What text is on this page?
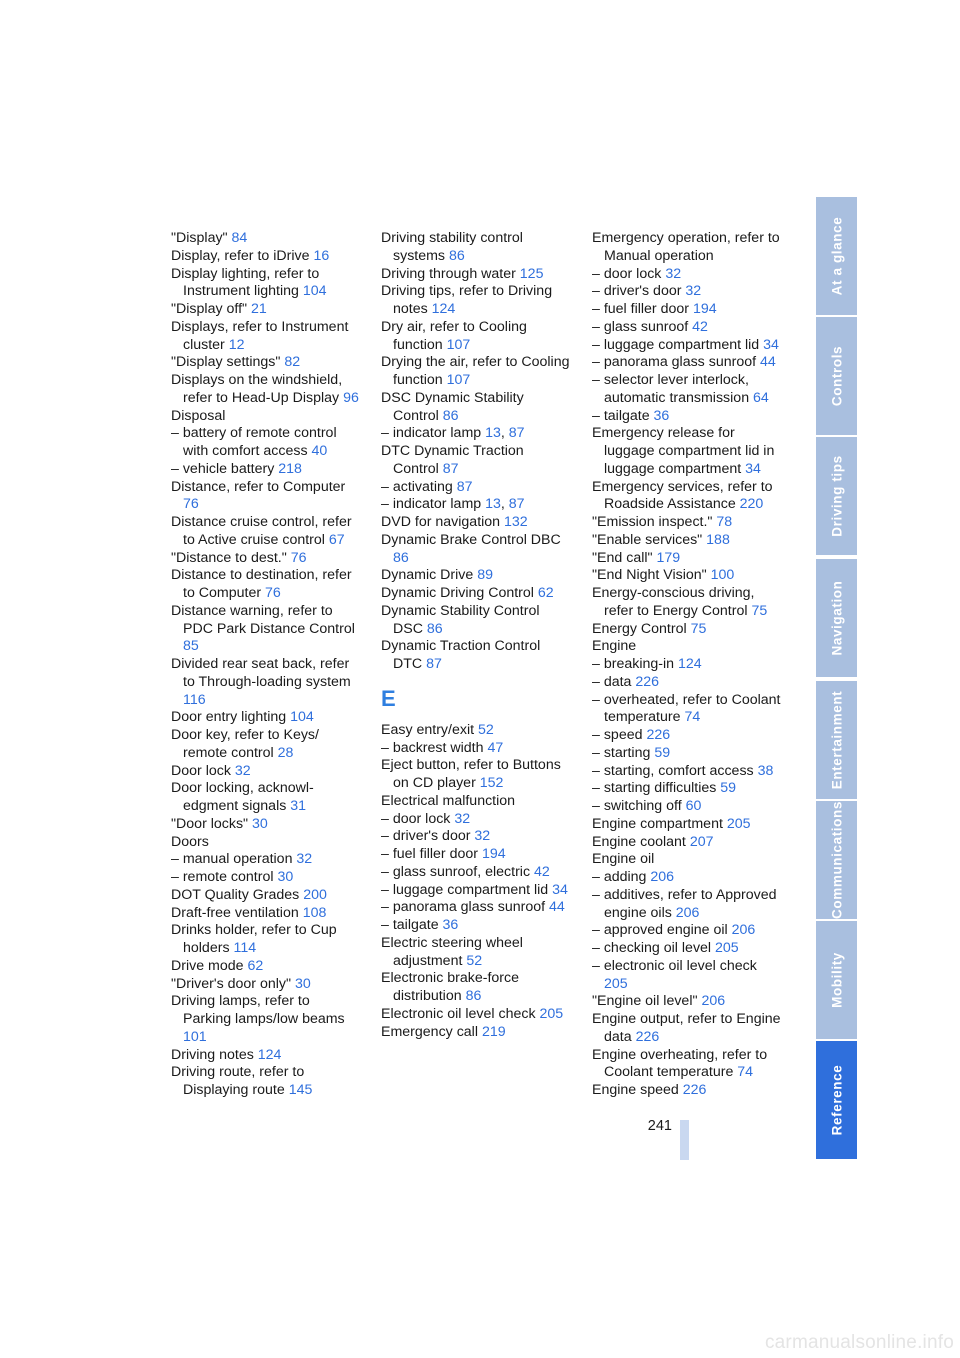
"Display" 84
Display, refer to iDrive 16
Display lighting, refer to Instrument lighting 104
"Display off" 21
Displays, refer to Instrument cluster 12
"Display settings" 82
Displays on the windshield, refer to Head-Up Display 96
Disposal
– battery of remote control with comfort access 40
– vehicle battery 218
Distance, refer to Computer 76
Distance cruise control, refer to Active cruise control 67
"Distance to dest." 76
Distance to destination, refer to Computer 76
Distance warning, refer to PDC Park Distance Control 85
Divided rear seat back, refer to Through-loading system 116
Door entry lighting 104
Door key, refer to Keys/ remote control 28
Door lock 32
Door locking, acknowl- edgment signals 31
"Door locks" 30
Doors
– manual operation 32
– remote control 30
DOT Quality Grades 200
Draft-free ventilation 108
Drinks holder, refer to Cup holders 114
Drive mode 62
"Driver's door only" 30
Driving lamps, refer to Parking lamps/low beams 101
Driving notes 124
Driving route, refer to Displaying route 145
Driving stability control systems 86
Driving through water 125
Driving tips, refer to Driving notes 124
Dry air, refer to Cooling function 107
Drying the air, refer to Cooling function 107
DSC Dynamic Stability Control 86
– indicator lamp 13, 87
DTC Dynamic Traction Control 87
– activating 87
– indicator lamp 13, 87
DVD for navigation 132
Dynamic Brake Control DBC 86
Dynamic Drive 89
Dynamic Driving Control 62
Dynamic Stability Control DSC 86
Dynamic Traction Control DTC 87
E
Easy entry/exit 52
– backrest width 47
Eject button, refer to Buttons on CD player 152
Electrical malfunction
– door lock 32
– driver's door 32
– fuel filler door 194
– glass sunroof, electric 42
– luggage compartment lid 34
– panorama glass sunroof 44
– tailgate 36
Electric steering wheel adjustment 52
Electronic brake-force distribution 86
Electronic oil level check 205
Emergency call 219
Emergency operation, refer to Manual operation
– door lock 32
– driver's door 32
– fuel filler door 194
– glass sunroof 42
– luggage compartment lid 34
– panorama glass sunroof 44
– selector lever interlock, automatic transmission 64
– tailgate 36
Emergency release for luggage compartment lid in luggage compartment 34
Emergency services, refer to Roadside Assistance 220
"Emission inspect." 78
"Enable services" 188
"End call" 179
"End Night Vision" 100
Energy-conscious driving, refer to Energy Control 75
Energy Control 75
Engine
– breaking-in 124
– data 226
– overheated, refer to Coolant temperature 74
– speed 226
– starting 59
– starting, comfort access 38
– starting difficulties 59
– switching off 60
Engine compartment 205
Engine coolant 207
Engine oil
– adding 206
– additives, refer to Approved engine oils 206
– approved engine oil 206
– checking oil level 205
– electronic oil level check 205
"Engine oil level" 206
Engine output, refer to Engine data 226
Engine overheating, refer to Coolant temperature 74
Engine speed 226
At a glance
Controls
Driving tips
Navigation
Entertainment
Communications
Mobility
Reference
241
carmanualsonline.info
